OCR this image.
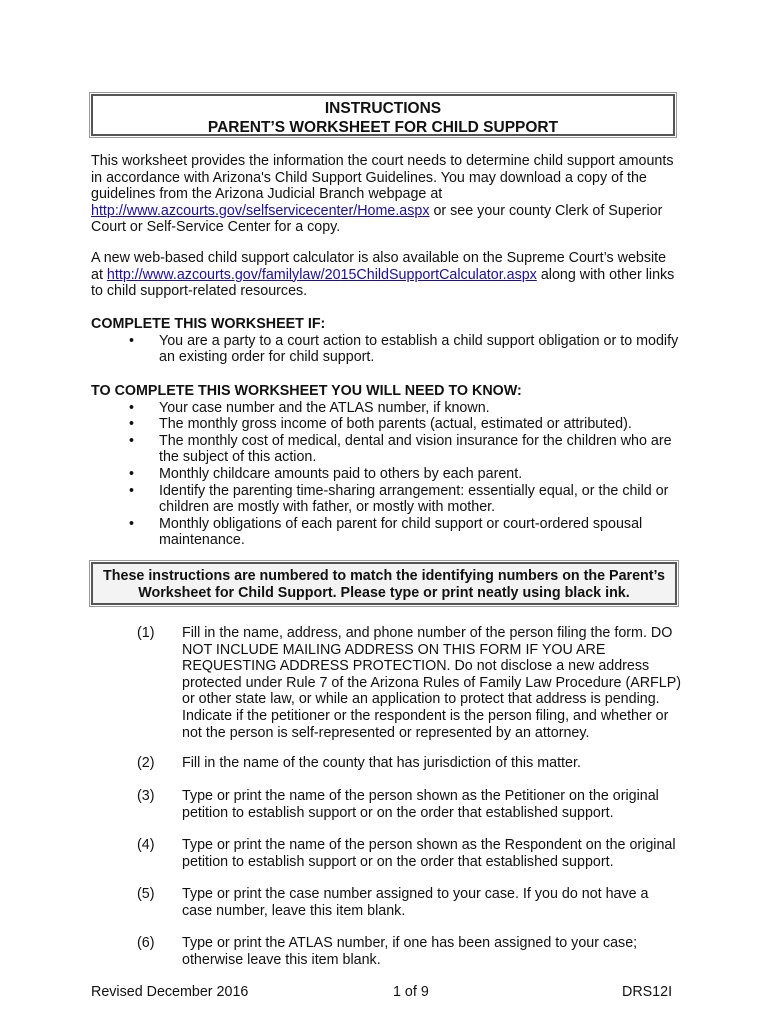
INSTRUCTIONS
PARENT’S WORKSHEET FOR CHILD SUPPORT
This worksheet provides the information the court needs to determine child support amounts in accordance with Arizona's Child Support Guidelines. You may download a copy of the guidelines from the Arizona Judicial Branch webpage at http://www.azcourts.gov/selfservicecenter/Home.aspx or see your county Clerk of Superior Court or Self-Service Center for a copy.
A new web-based child support calculator is also available on the Supreme Court’s website at http://www.azcourts.gov/familylaw/2015ChildSupportCalculator.aspx along with other links to child support-related resources.
COMPLETE THIS WORKSHEET IF:
• You are a party to a court action to establish a child support obligation or to modify an existing order for child support.
TO COMPLETE THIS WORKSHEET YOU WILL NEED TO KNOW:
• Your case number and the ATLAS number, if known.
• The monthly gross income of both parents (actual, estimated or attributed).
• The monthly cost of medical, dental and vision insurance for the children who are the subject of this action.
• Monthly childcare amounts paid to others by each parent.
• Identify the parenting time-sharing arrangement: essentially equal, or the child or children are mostly with father, or mostly with mother.
• Monthly obligations of each parent for child support or court-ordered spousal maintenance.
These instructions are numbered to match the identifying numbers on the Parent’s
Worksheet for Child Support. Please type or print neatly using black ink.
(1) Fill in the name, address, and phone number of the person filing the form. DO NOT INCLUDE MAILING ADDRESS ON THIS FORM IF YOU ARE REQUESTING ADDRESS PROTECTION. Do not disclose a new address protected under Rule 7 of the Arizona Rules of Family Law Procedure (ARFLP) or other state law, or while an application to protect that address is pending. Indicate if the petitioner or the respondent is the person filing, and whether or not the person is self-represented or represented by an attorney.
(2) Fill in the name of the county that has jurisdiction of this matter.
(3) Type or print the name of the person shown as the Petitioner on the original petition to establish support or on the order that established support.
(4) Type or print the name of the person shown as the Respondent on the original petition to establish support or on the order that established support.
(5) Type or print the case number assigned to your case. If you do not have a case number, leave this item blank.
(6) Type or print the ATLAS number, if one has been assigned to your case; otherwise leave this item blank.
Revised December 2016	1 of 9	DRS12I
